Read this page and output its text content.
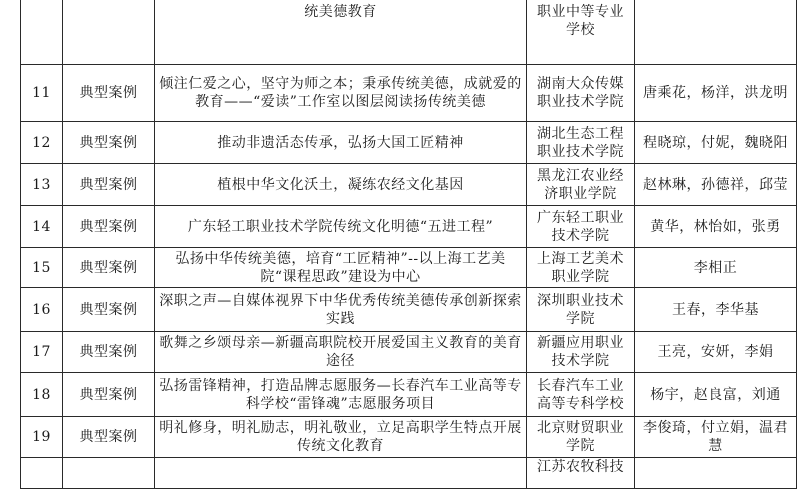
		统美德教育	职业中等专业学校	

11	典型案例	倾注仁爱之心，坚守为师之本；秉承传统美德，成就爱的教育——“爱读”工作室以图层阅读扬传统美德	湖南大众传媒职业技术学院	唐乘花，杨洋，洪龙明
12	典型案例	推动非遗活态传承，弘扬大国工匠精神	湖北生态工程职业技术学院	程晓琼，付妮，魏晓阳
13	典型案例	植根中华文化沃土，凝练农经文化基因	黑龙江农业经济职业学院	赵林琳，孙德祥，邱莹
14	典型案例	广东轻工职业技术学院传统文化明德“五进工程”	广东轻工职业技术学院	黄华，林怡如，张勇
15	典型案例	弘扬中华传统美德，培育“工匠精神”--以上海工艺美院“课程思政”建设为中心	上海工艺美术职业学院	李相正
16	典型案例	深职之声—自媒体视界下中华优秀传统美德传承创新探索实践	深圳职业技术学院	王春，李华基
17	典型案例	歌舞之乡颂母亲—新疆高职院校开展爱国主义教育的美育途径	新疆应用职业技术学院	王亮，安妍，李娟
18	典型案例	弘扬雷锋精神，打造品牌志愿服务—长春汽车工业高等专科学校“雷锋魂”志愿服务项目	长春汽车工业高等专科学校	杨宇，赵良富，刘通
19	典型案例	明礼修身，明礼励志，明礼敬业，立足高职学生特点开展传统文化教育	北京财贸职业学院	李俊琦，付立娟，温君慧
			江苏农牧科技	
